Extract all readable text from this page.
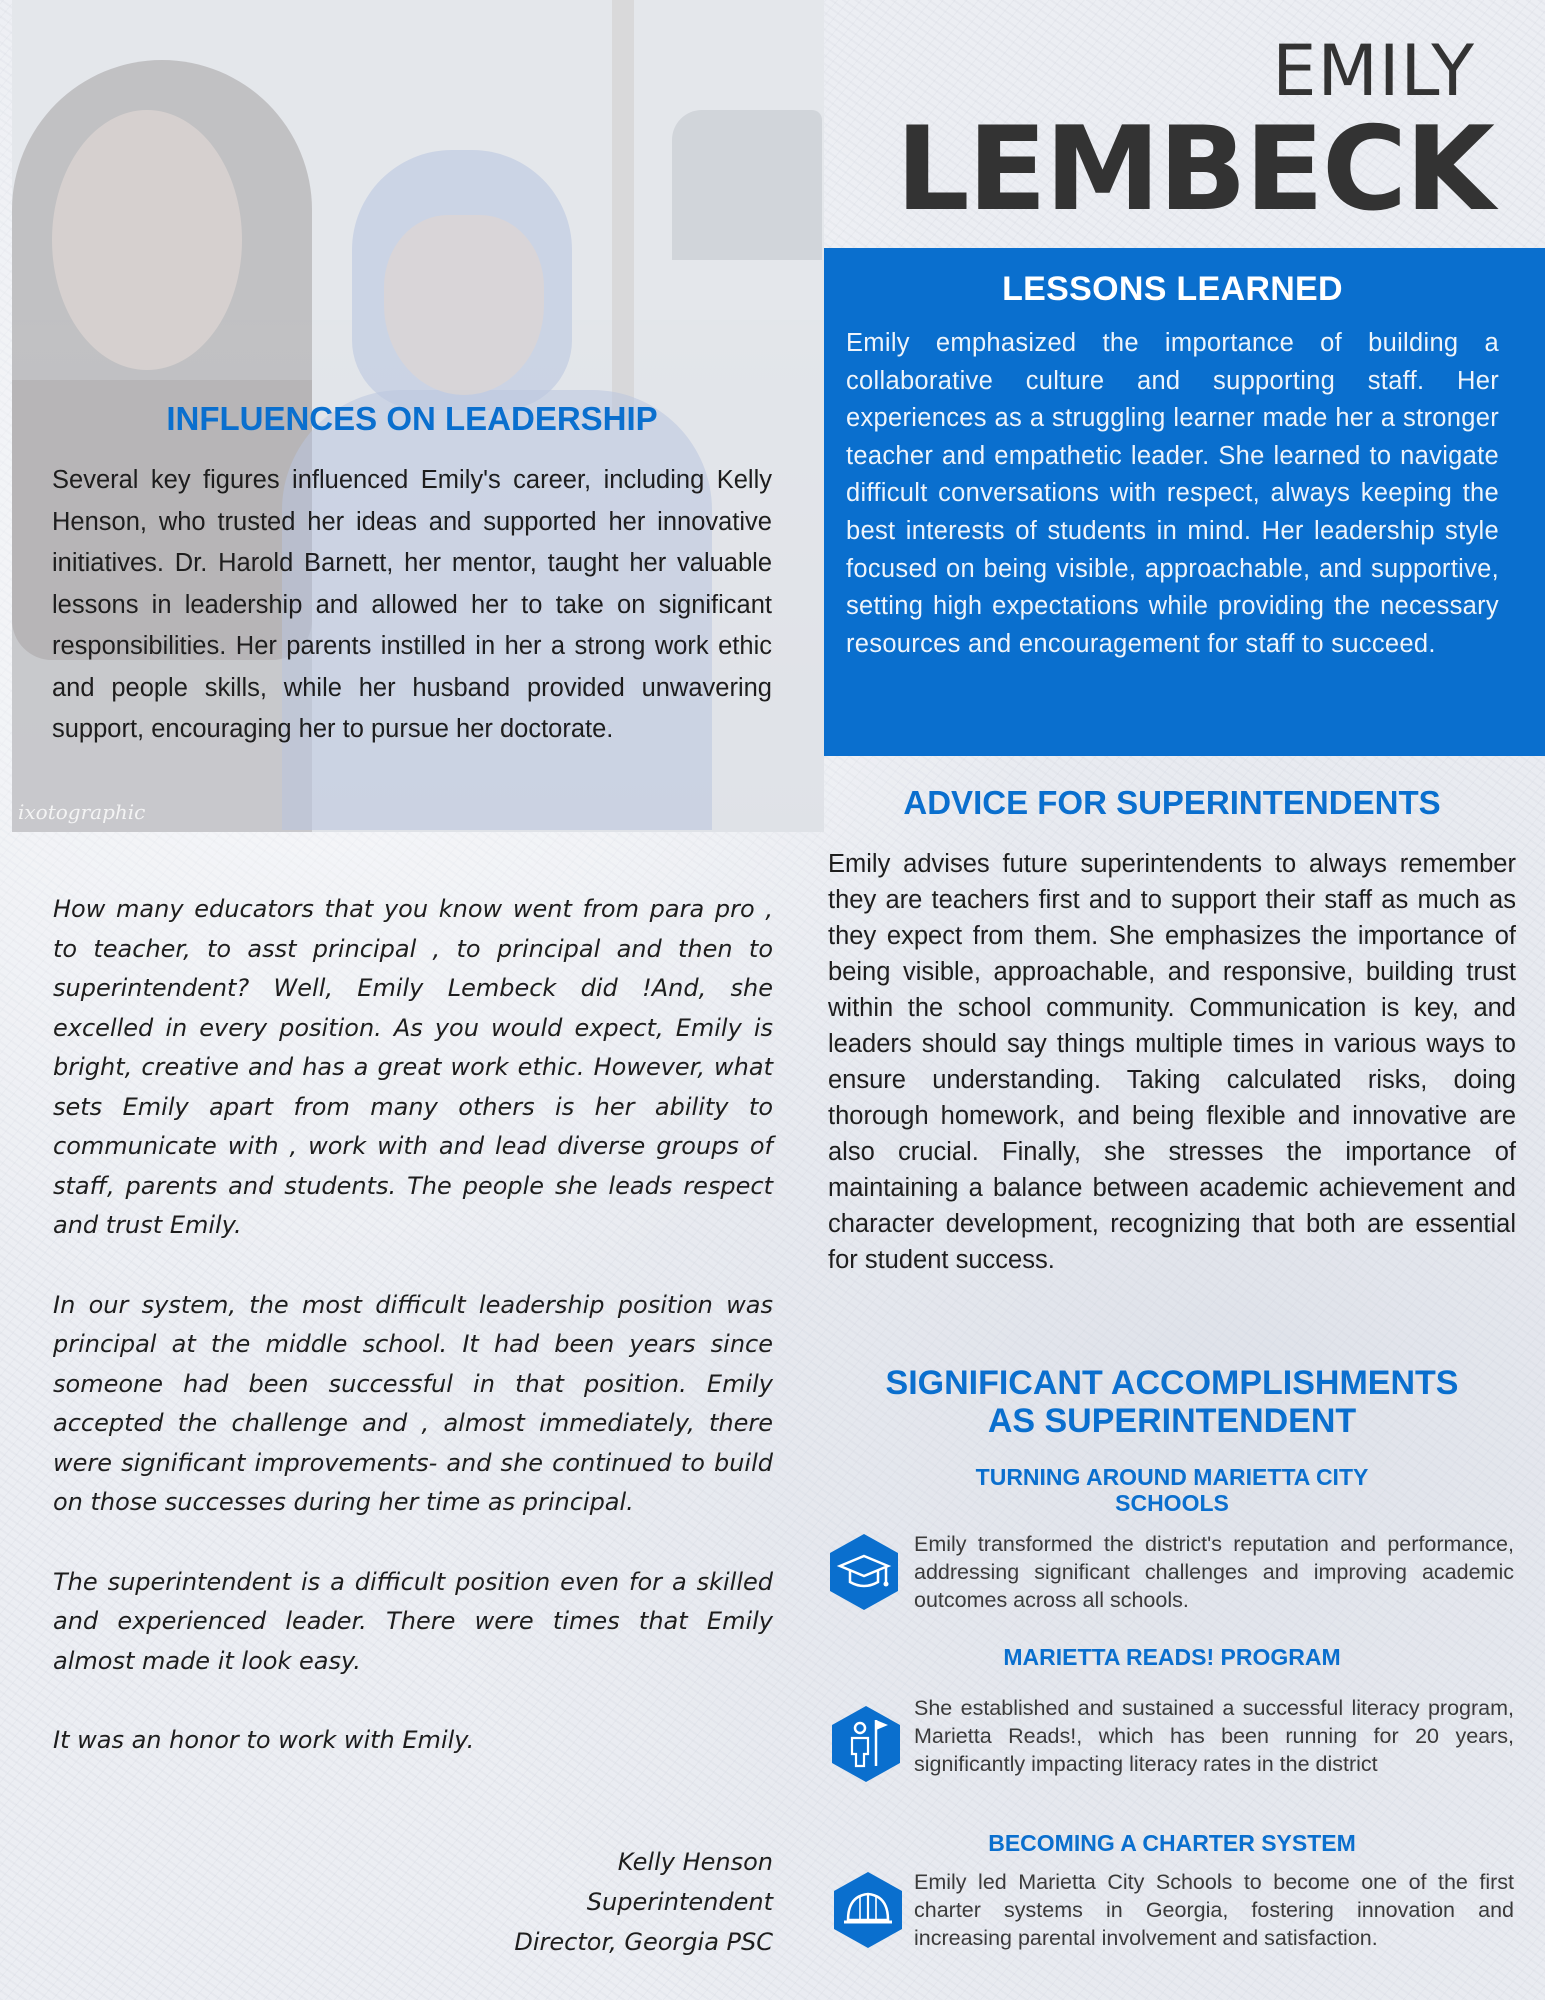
ixotographic
EMILY
LEMBECK
LESSONS LEARNED

Emily emphasized the importance of building a collaborative culture and supporting staff. Her experiences as a struggling learner made her a stronger teacher and empathetic leader. She learned to navigate difficult conversations with respect, always keeping the best interests of students in mind. Her leadership style focused on being visible, approachable, and supportive, setting high expectations while providing the necessary resources and encouragement for staff to succeed.

INFLUENCES ON LEADERSHIP

Several key figures influenced Emily's career, including Kelly Henson, who trusted her ideas and supported her innovative initiatives. Dr. Harold Barnett, her mentor, taught her valuable lessons in leadership and allowed her to take on significant responsibilities. Her parents instilled in her a strong work ethic and people skills, while her husband provided unwavering support, encouraging her to pursue her doctorate.

How many educators that you know went from para pro , to teacher, to asst principal , to principal and then to superintendent? Well, Emily Lembeck did !And, she excelled in every position. As you would expect, Emily is bright, creative and has a great work ethic. However, what sets Emily apart from many others is her ability to communicate with , work with and lead diverse groups of staff, parents and students. The people she leads respect and trust Emily.

In our system, the most difficult leadership position was principal at the middle school. It had been years since someone had been successful in that position. Emily accepted the challenge and , almost immediately, there were significant improvements- and she continued to build on those successes during her time as principal.

The superintendent is a difficult position even for a skilled and experienced leader. There were times that Emily almost made it look easy.

It was an honor to work with Emily.

Kelly Henson
Superintendent
Director, Georgia PSC
ADVICE FOR SUPERINTENDENTS

Emily advises future superintendents to always remember they are teachers first and to support their staff as much as they expect from them. She emphasizes the importance of being visible, approachable, and responsive, building trust within the school community. Communication is key, and leaders should say things multiple times in various ways to ensure understanding. Taking calculated risks, doing thorough homework, and being flexible and innovative are also crucial. Finally, she stresses the importance of maintaining a balance between academic achievement and character development, recognizing that both are essential for student success.

SIGNIFICANT ACCOMPLISHMENTS
AS SUPERINTENDENT
TURNING AROUND MARIETTA CITY
SCHOOLS

Emily transformed the district's reputation and performance, addressing significant challenges and improving academic outcomes across all schools.

MARIETTA READS! PROGRAM

She established and sustained a successful literacy program, Marietta Reads!, which has been running for 20 years, significantly impacting literacy rates in the district

BECOMING A CHARTER SYSTEM

Emily led Marietta City Schools to become one of the first charter systems in Georgia, fostering innovation and increasing parental involvement and satisfaction.
